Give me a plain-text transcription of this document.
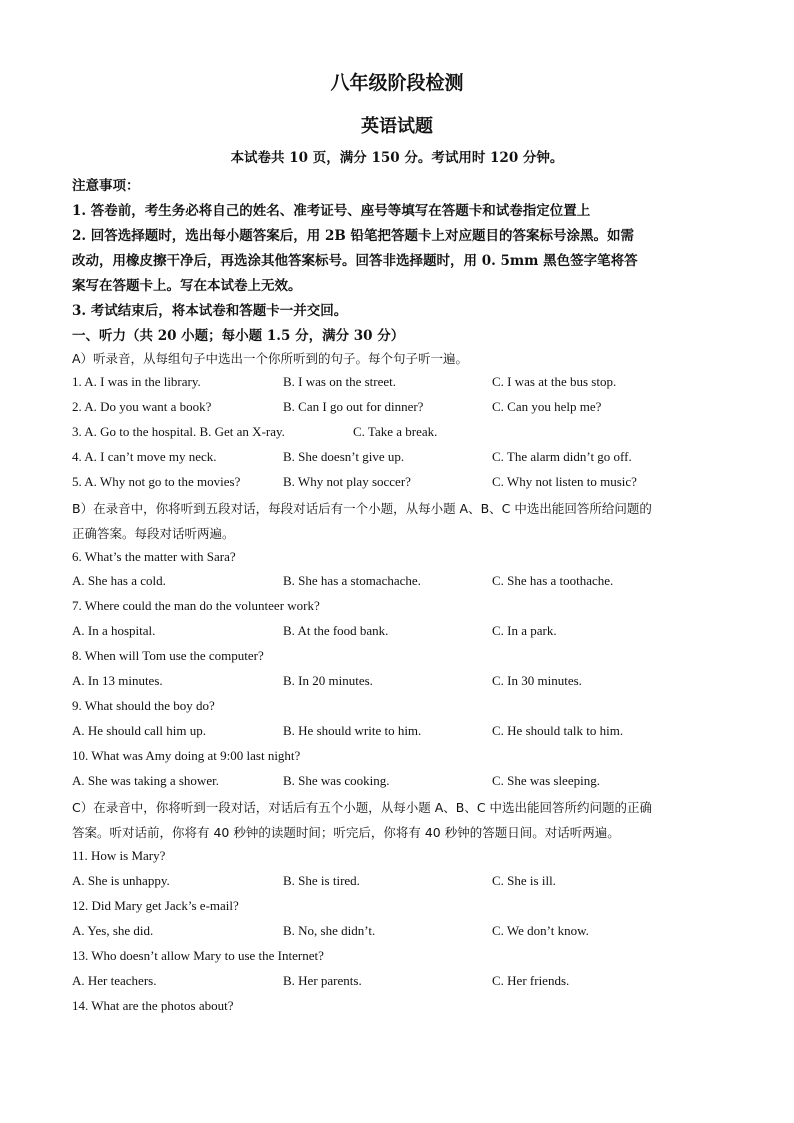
八年级阶段检测
英语试题
本试卷共 10 页，满分 150 分。考试用时 120 分钟。
注意事项：
1. 答卷前，考生务必将自己的姓名、准考证号、座号等填写在答题卡和试卷指定位置上
2. 回答选择题时，选出每小题答案后，用 2B 铅笔把答题卡上对应题目的答案标号涂黑。如需
改动，用橡皮擦干净后，再选涂其他答案标号。回答非选择题时，用 0. 5mm 黑色签字笔将答
案写在答题卡上。写在本试卷上无效。
3. 考试结束后，将本试卷和答题卡一并交回。
一、听力（共 20 小题；每小题 1.5 分，满分 30 分）
A）听录音，从每组句子中选出一个你所听到的句子。每个句子听一遍。
1. A. I was in the library.	B. I was on the street.	C. I was at the bus stop.
2. A. Do you want a book?	B. Can I go out for dinner?	C. Can you help me?
3. A. Go to the hospital. B. Get an X-ray.	C. Take a break.
4. A. I can’t move my neck.	B. She doesn’t give up.	C. The alarm didn’t go off.
5. A. Why not go to the movies?	B. Why not play soccer?	C. Why not listen to music?
B）在录音中，你将听到五段对话，每段对话后有一个小题，从每小题 A、B、C 中选出能回答所给问题的
正确答案。每段对话听两遍。
6. What’s the matter with Sara?
A. She has a cold.	B. She has a stomachache.	C. She has a toothache.
7. Where could the man do the volunteer work?
A. In a hospital.	B. At the food bank.	C. In a park.
8. When will Tom use the computer?
A. In 13 minutes.	B. In 20 minutes.	C. In 30 minutes.
9. What should the boy do?
A. He should call him up.	B. He should write to him.	C. He should talk to him.
10. What was Amy doing at 9:00 last night?
A. She was taking a shower.	B. She was cooking.	C. She was sleeping.
C）在录音中，你将听到一段对话，对话后有五个小题，从每小题 A、B、C 中选出能回答所约问题的正确
答案。听对话前，你将有 40 秒钟的读题时间；听完后，你将有 40 秒钟的答题日间。对话听两遍。
11. How is Mary?
A. She is unhappy.	B. She is tired.	C. She is ill.
12. Did Mary get Jack’s e-mail?
A. Yes, she did.	B. No, she didn’t.	C. We don’t know.
13. Who doesn’t allow Mary to use the Internet?
A. Her teachers.	B. Her parents.	C. Her friends.
14. What are the photos about?
